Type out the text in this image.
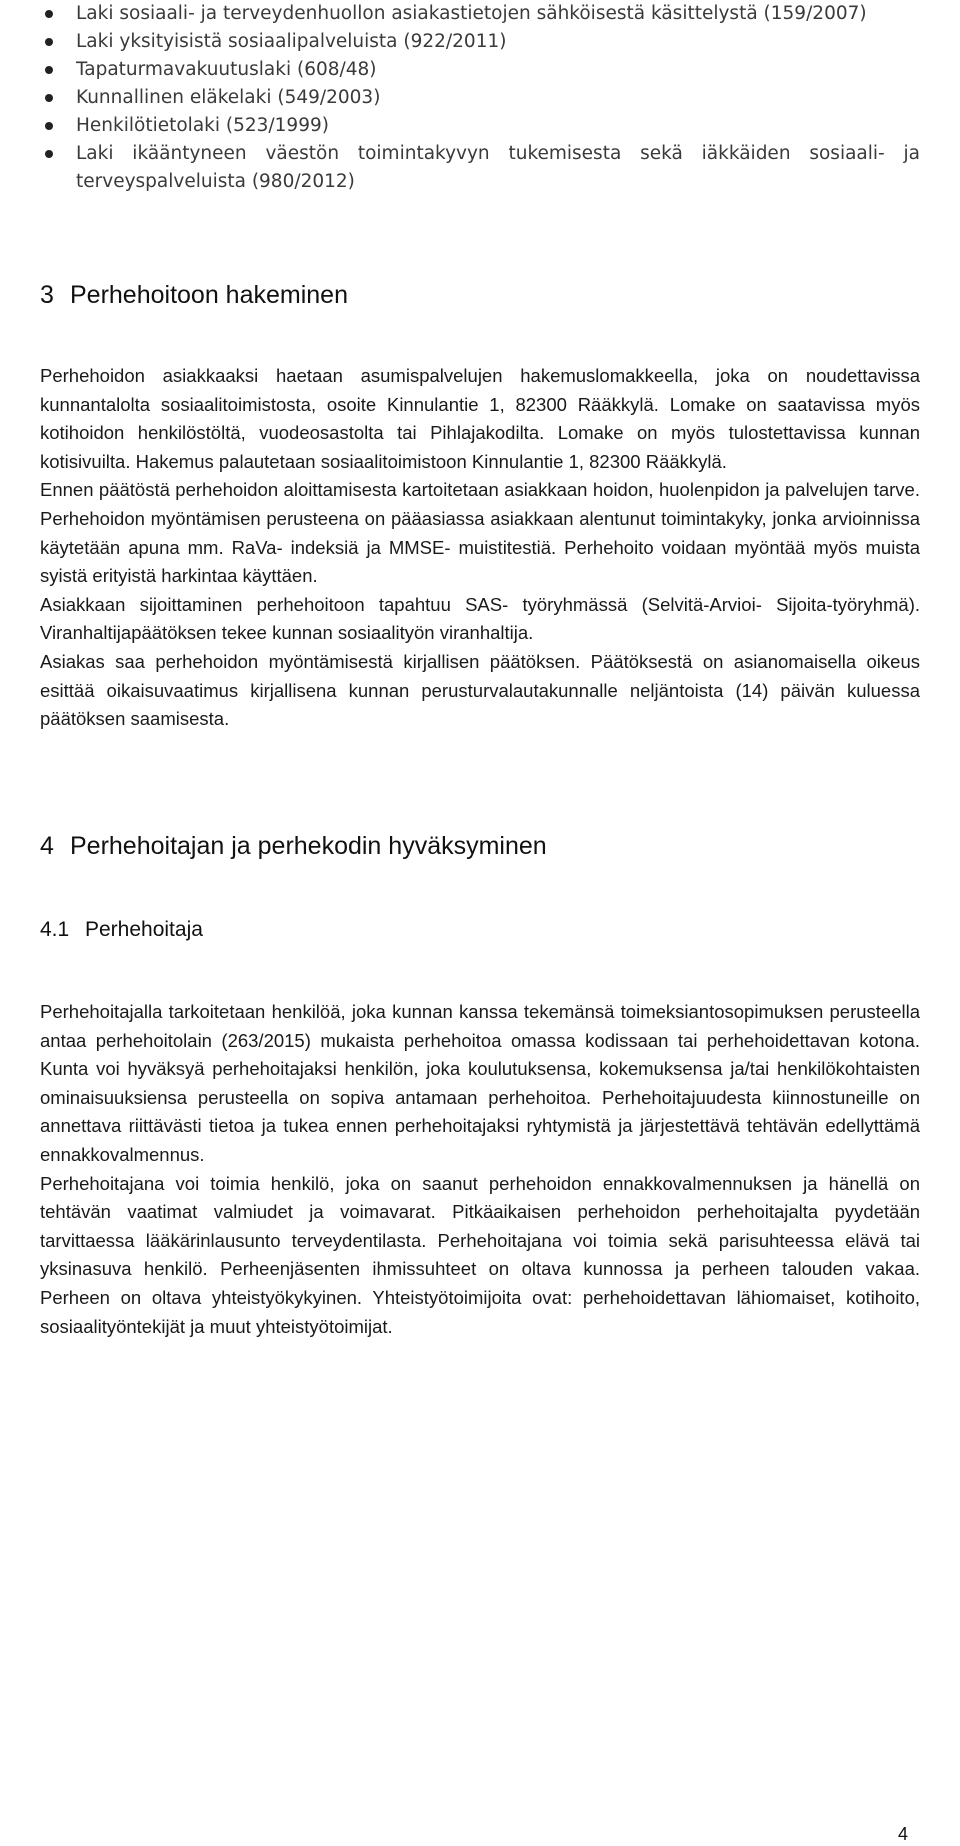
Laki sosiaali- ja terveydenhuollon asiakastietojen sähköisestä käsittelystä (159/2007)
Laki yksityisistä sosiaalipalveluista (922/2011)
Tapaturmavakuutuslaki (608/48)
Kunnallinen eläkelaki (549/2003)
Henkilötietolaki (523/1999)
Laki ikääntyneen väestön toimintakyvyn tukemisesta sekä iäkkäiden sosiaali- ja terveyspalveluista (980/2012)
3 Perhehoitoon hakeminen

Perhehoidon asiakkaaksi haetaan asumispalvelujen hakemuslomakkeella, joka on noudettavissa kunnantalolta sosiaalitoimistosta, osoite Kinnulantie 1, 82300 Rääkkylä. Lomake on saatavissa myös kotihoidon henkilöstöltä, vuodeosastolta tai Pihlajakodilta. Lomake on myös tulostettavissa kunnan kotisivuilta. Hakemus palautetaan sosiaalitoimistoon Kinnulantie 1, 82300 Rääkkylä.

Ennen päätöstä perhehoidon aloittamisesta kartoitetaan asiakkaan hoidon, huolenpidon ja palvelujen tarve. Perhehoidon myöntämisen perusteena on pääasiassa asiakkaan alentunut toimintakyky, jonka arvioinnissa käytetään apuna mm. RaVa- indeksiä ja MMSE- muistitestiä. Perhehoito voidaan myöntää myös muista syistä erityistä harkintaa käyttäen.

Asiakkaan sijoittaminen perhehoitoon tapahtuu SAS- työryhmässä (Selvitä-Arvioi- Sijoita-työryhmä). Viranhaltijapäätöksen tekee kunnan sosiaalityön viranhaltija.

Asiakas saa perhehoidon myöntämisestä kirjallisen päätöksen. Päätöksestä on asianomaisella oikeus esittää oikaisuvaatimus kirjallisena kunnan perusturvalautakunnalle neljäntoista (14) päivän kuluessa päätöksen saamisesta.

4 Perhehoitajan ja perhekodin hyväksyminen
4.1 Perhehoitaja

Perhehoitajalla tarkoitetaan henkilöä, joka kunnan kanssa tekemänsä toimeksiantosopimuksen perusteella antaa perhehoitolain (263/2015) mukaista perhehoitoa omassa kodissaan tai perhehoidettavan kotona. Kunta voi hyväksyä perhehoitajaksi henkilön, joka koulutuksensa, kokemuksensa ja/tai henkilökohtaisten ominaisuuksiensa perusteella on sopiva antamaan perhehoitoa. Perhehoitajuudesta kiinnostuneille on annettava riittävästi tietoa ja tukea ennen perhehoitajaksi ryhtymistä ja järjestettävä tehtävän edellyttämä ennakkovalmennus.

Perhehoitajana voi toimia henkilö, joka on saanut perhehoidon ennakkovalmennuksen ja hänellä on tehtävän vaatimat valmiudet ja voimavarat. Pitkäaikaisen perhehoidon perhehoitajalta pyydetään tarvittaessa lääkärinlausunto terveydentilasta. Perhehoitajana voi toimia sekä parisuhteessa elävä tai yksinasuva henkilö. Perheenjäsenten ihmissuhteet on oltava kunnossa ja perheen talouden vakaa. Perheen on oltava yhteistyökykyinen. Yhteistyötoimijoita ovat: perhehoidettavan lähiomaiset, kotihoito, sosiaalityöntekijät ja muut yhteistyötoimijat.

4
